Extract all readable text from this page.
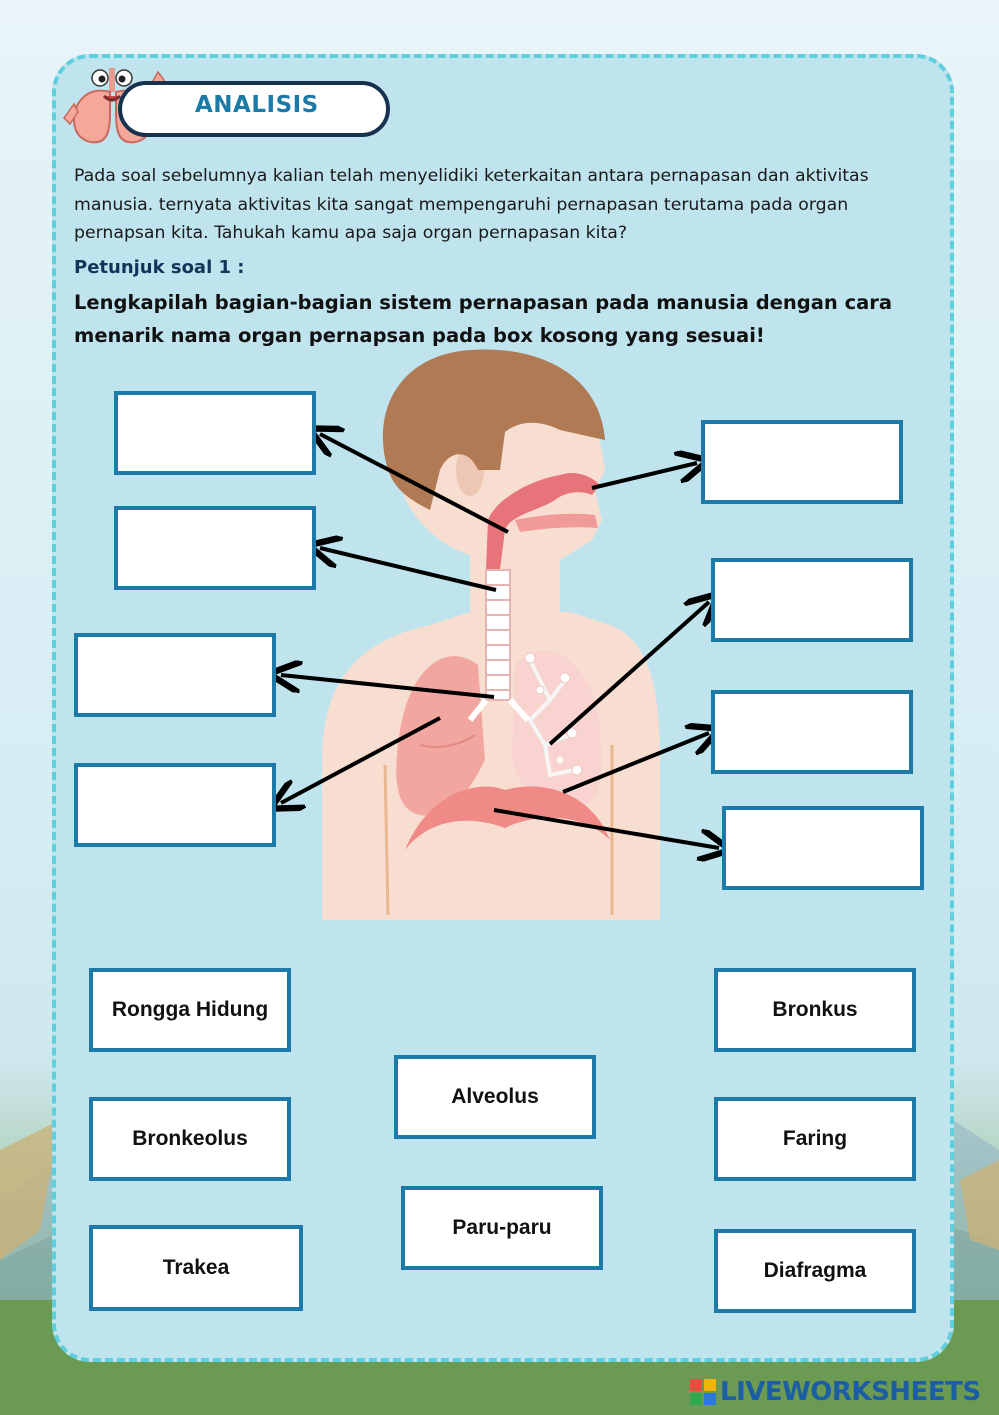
ANALISIS
Pada soal sebelumnya kalian telah menyelidiki keterkaitan antara pernapasan dan aktivitas manusia. ternyata aktivitas kita sangat mempengaruhi pernapasan terutama pada organ pernapsan kita. Tahukah kamu apa saja organ pernapasan kita?
Petunjuk soal 1 :
Lengkapilah bagian-bagian sistem pernapasan pada manusia dengan cara menarik nama organ pernapsan pada box kosong yang sesuai!
Rongga Hidung	Bronkus
Alveolus
Bronkeolus	Faring
Paru-paru
Trakea	Diafragma
LIVEWORKSHEETS
